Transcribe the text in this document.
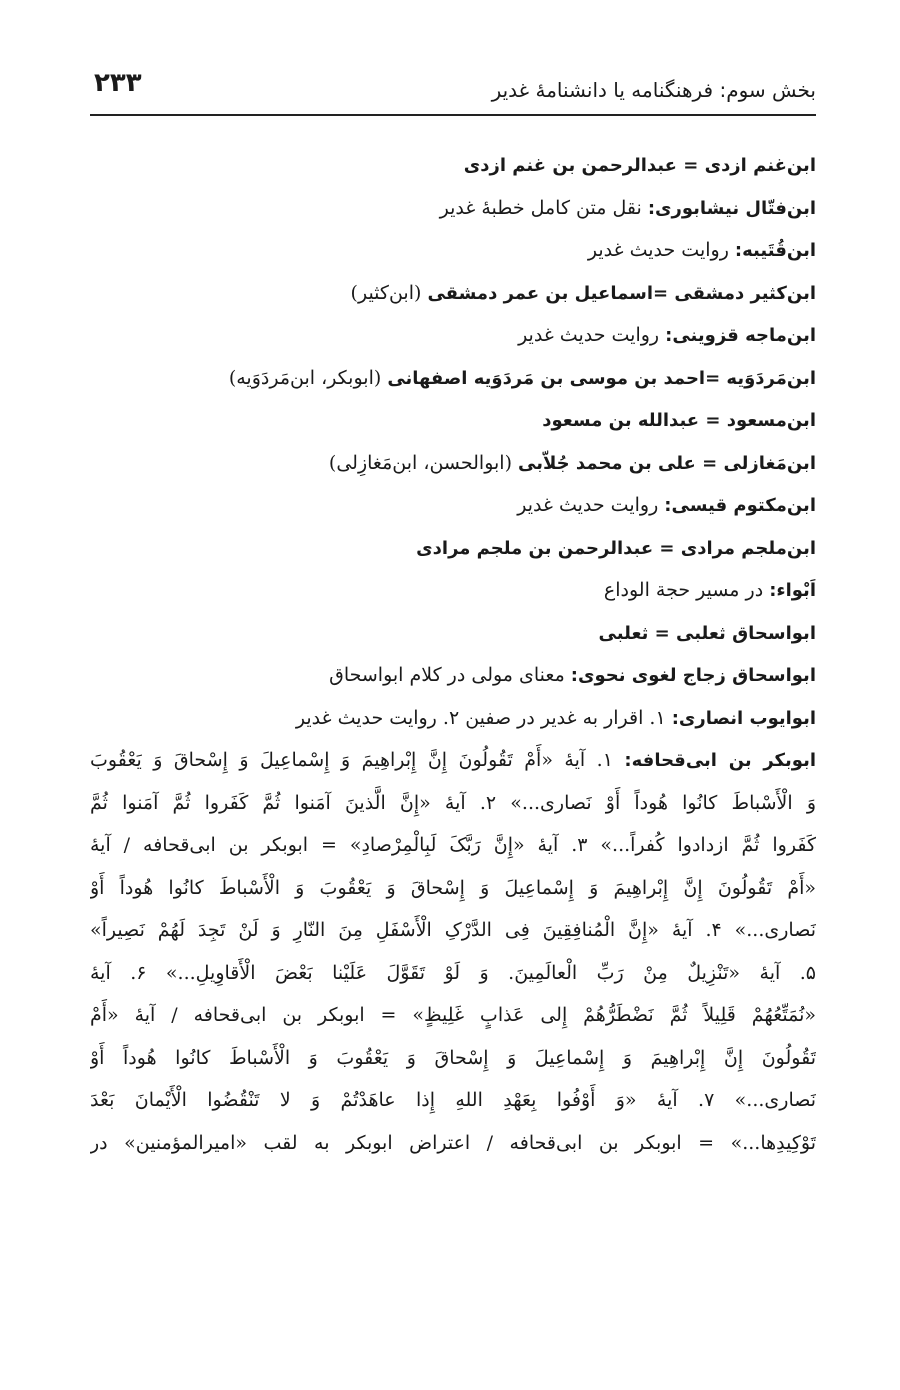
بخش سوم: فرهنگنامه یا دانشنامهٔ غدیر
۲۳۳
ابن‌غنم ازدی = عبدالرحمن بن غنم ازدی
ابن‌فتّال نیشابوری: نقل متن کامل خطبهٔ غدیر
ابن‌قُتَیبه: روایت حدیث غدیر
ابن‌کثیر دمشقی =اسماعیل بن عمر دمشقی (ابن‌کثیر)
ابن‌ماجه قزوینی: روایت حدیث غدیر
ابن‌مَردَوَیه =احمد بن موسی بن مَردَوَیه اصفهانی (ابوبکر، ابن‌مَردَوَیه)
ابن‌مسعود = عبدالله بن مسعود
ابن‌مَغازلی = علی بن محمد جُلاّبی (ابوالحسن، ابن‌مَغازِلی)
ابن‌مکتوم قیسی: روایت حدیث غدیر
ابن‌ملجم مرادی = عبدالرحمن بن ملجم مرادی
اَبْواء: در مسیر حجة الوداع
ابواسحاق ثعلبی = ثعلبی
ابواسحاق زجاج لغوی نحوی: معنای مولی در کلام ابواسحاق
ابوایوب انصاری: ۱. اقرار به غدیر در صفین ۲. روایت حدیث غدیر
ابوبکر بن ابی‌قحافه: ۱. آیهٔ «أَمْ تَقُولُونَ إِنَّ إِبْراهِیمَ وَ إِسْماعِیلَ وَ إِسْحاقَ وَ یَعْقُوبَ
وَ الْأَسْباطَ کانُوا هُوداً أَوْ نَصاری...» ۲. آیهٔ «إِنَّ الَّذینَ آمَنوا ثُمَّ کَفَروا ثُمَّ آمَنوا ثُمَّ
کَفَروا ثُمَّ ازدادوا کُفراً...» ۳. آیهٔ «إِنَّ رَبَّکَ لَبِالْمِرْصادِ» = ابوبکر بن ابی‌قحافه / آیهٔ
«أَمْ تَقُولُونَ إِنَّ إِبْراهِیمَ وَ إِسْماعِیلَ وَ إِسْحاقَ وَ یَعْقُوبَ وَ الْأَسْباطَ کانُوا هُوداً أَوْ
نَصاری...» ۴. آیهٔ «إِنَّ الْمُنافِقِینَ فِی الدَّرْکِ الْأَسْفَلِ مِنَ النّارِ وَ لَنْ تَجِدَ لَهُمْ نَصِیراً»
۵. آیهٔ «تَنْزِیلٌ مِنْ رَبِّ الْعالَمِینَ. وَ لَوْ تَقَوَّلَ عَلَیْنا بَعْضَ الْأَقاوِیلِ...» ۶. آیهٔ
«نُمَتِّعُهُمْ قَلِیلاً ثُمَّ نَضْطَرُّهُمْ إِلی عَذابٍ غَلِیظٍ» = ابوبکر بن ابی‌قحافه / آیهٔ «أَمْ
تَقُولُونَ إِنَّ إِبْراهِیمَ وَ إِسْماعِیلَ وَ إِسْحاقَ وَ یَعْقُوبَ وَ الْأَسْباطَ کانُوا هُوداً أَوْ
نَصاری...» ۷. آیهٔ «وَ أَوْفُوا بِعَهْدِ اللهِ إِذا عاهَدْتُمْ وَ لا تَنْقُضُوا الْأَیْمانَ بَعْدَ
تَوْکِیدِها...» = ابوبکر بن ابی‌قحافه / اعتراض ابوبکر به لقب «امیرالمؤمنین» در
